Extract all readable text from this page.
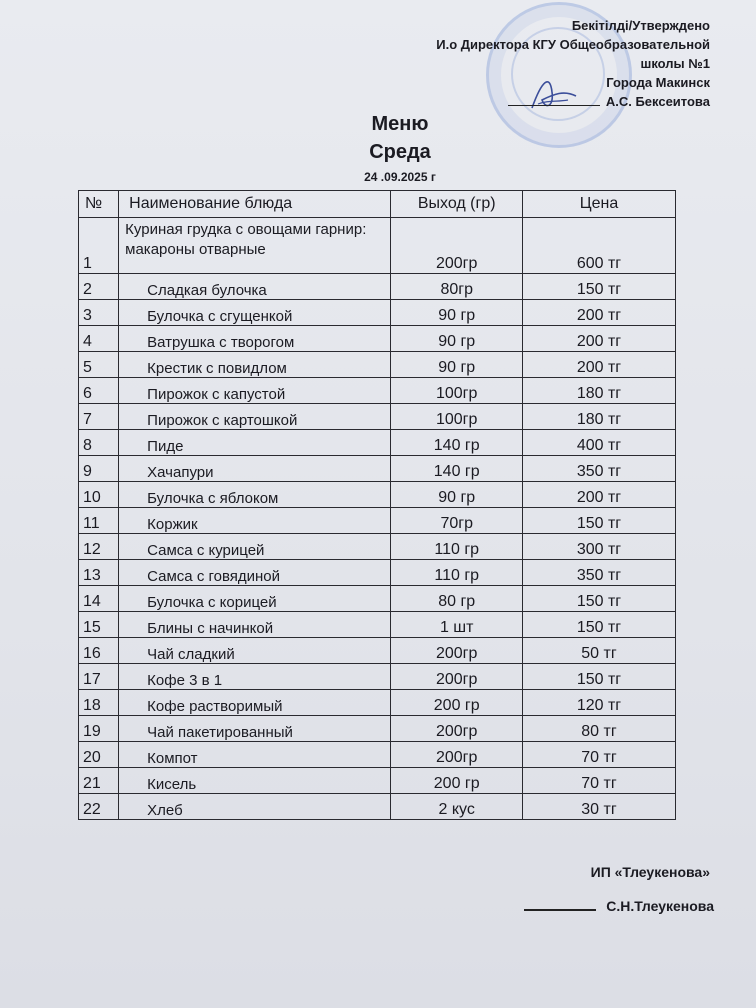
Бекітілді/Утверждено
И.о Директора КГУ Общеобразовательной
школы №1
Города Макинск
А.С. Бексеитова
Меню
Среда
24 .09.2025 г
№	Наименование блюда	Выход (гр)	Цена
1	Куриная грудка с овощами гарнир: макароны отварные	200гр	600 тг
2	Сладкая булочка	80гр	150 тг
3	Булочка с сгущенкой	90 гр	200 тг
4	Ватрушка с творогом	90 гр	200 тг
5	Крестик с повидлом	90 гр	200 тг
6	Пирожок с капустой	100гр	180 тг
7	Пирожок с картошкой	100гр	180 тг
8	Пиде	140 гр	400 тг
9	Хачапури	140 гр	350 тг
10	Булочка с яблоком	90 гр	200 тг
11	Коржик	70гр	150 тг
12	Самса с курицей	110 гр	300 тг
13	Самса с говядиной	110 гр	350 тг
14	Булочка с корицей	80 гр	150 тг
15	Блины с начинкой	1 шт	150 тг
16	Чай сладкий	200гр	50 тг
17	Кофе 3 в 1	200гр	150 тг
18	Кофе растворимый	200 гр	120 тг
19	Чай пакетированный	200гр	80 тг
20	Компот	200гр	70 тг
21	Кисель	200 гр	70 тг
22	Хлеб	2 кус	30 тг
ИП «Тлеукенова»
С.Н.Тлеукенова
